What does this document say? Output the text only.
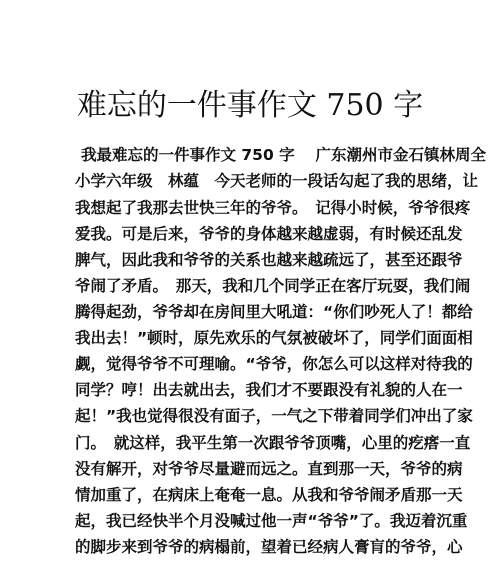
难忘的一件事作文 750 字
我最难忘的一件事作文 750 字　 广东潮州市金石镇林周全
小学六年级　林蕴　今天老师的一段话勾起了我的思绪，让
我想起了我那去世快三年的爷爷。　记得小时候，爷爷很疼
爱我。可是后来，爷爷的身体越来越虚弱，有时候还乱发
脾气，因此我和爷爷的关系也越来越疏远了，甚至还跟爷
爷闹了矛盾。　那天，我和几个同学正在客厅玩耍，我们闹
腾得起劲，爷爷却在房间里大吼道：“你们吵死人了！都给
我出去！”顿时，原先欢乐的气氛被破坏了，同学们面面相
觑，觉得爷爷不可理喻。“爷爷，你怎么可以这样对待我的
同学？哼！出去就出去，我们才不要跟没有礼貌的人在一
起！”我也觉得很没有面子，一气之下带着同学们冲出了家
门。　就这样，我平生第一次跟爷爷顶嘴，心里的疙瘩一直
没有解开，对爷爷尽量避而远之。直到那一天，爷爷的病
情加重了，在病床上奄奄一息。从我和爷爷闹矛盾那一天
起，我已经快半个月没喊过他一声“爷爷”了。我迈着沉重
的脚步来到爷爷的病榻前，望着已经病人膏肓的爷爷，心
